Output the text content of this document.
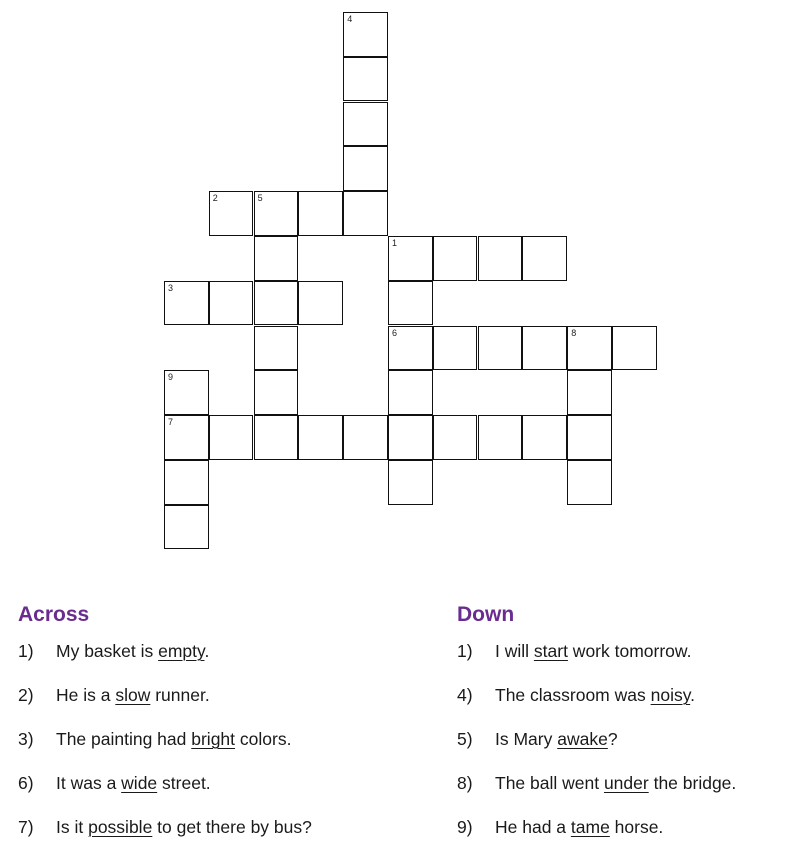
4
2	5
1
3
6	8
9
7
Across
1) My basket is empty.
2) He is a slow runner.
3) The painting had bright colors.
6) It was a wide street.
7) Is it possible to get there by bus?
Down
1) I will start work tomorrow.
4) The classroom was noisy.
5) Is Mary awake?
8) The ball went under the bridge.
9) He had a tame horse.
